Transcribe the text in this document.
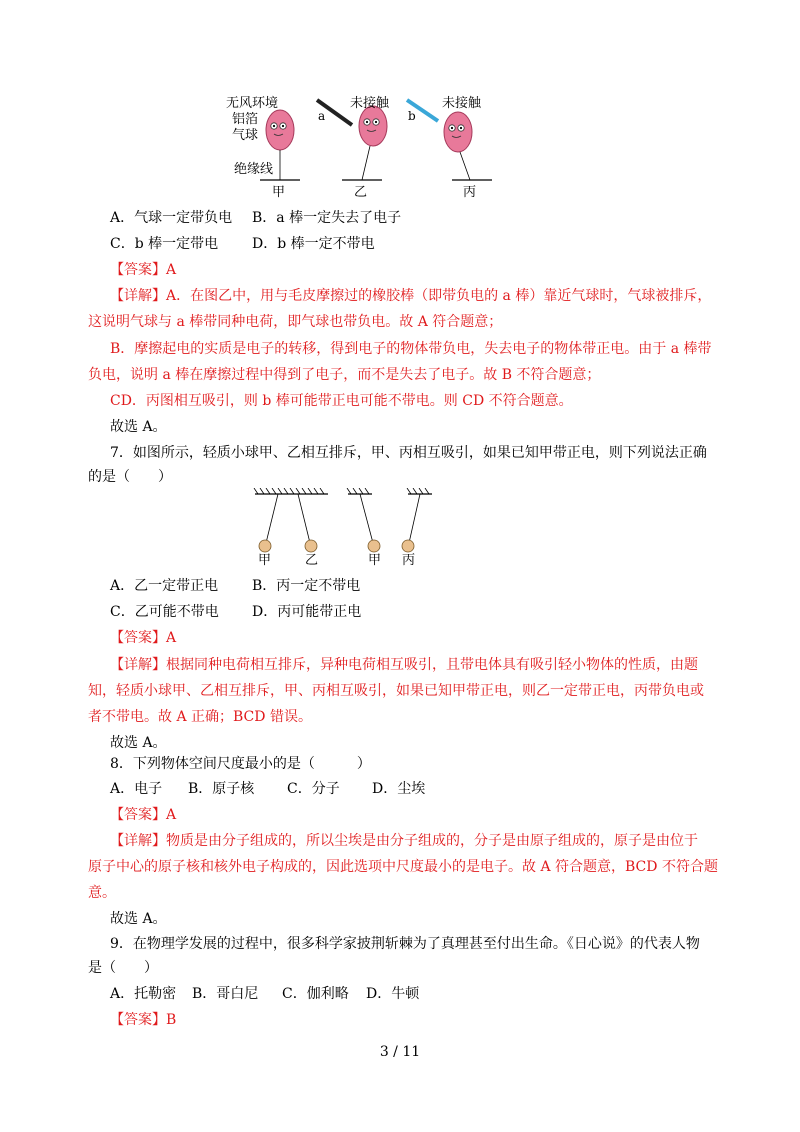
无风环境
铝箔
气球
绝缘线
a
未接触
b
未接触
甲	乙	丙
A．气球一定带负电 B．a 棒一定失去了电子
C．b 棒一定带电 D．b 棒一定不带电
【答案】A
【详解】A．在图乙中，用与毛皮摩擦过的橡胶棒（即带负电的 a 棒）靠近气球时，气球被排斥，
这说明气球与 a 棒带同种电荷，即气球也带负电。故 A 符合题意；
B．摩擦起电的实质是电子的转移，得到电子的物体带负电，失去电子的物体带正电。由于 a 棒带
负电，说明 a 棒在摩擦过程中得到了电子，而不是失去了电子。故 B 不符合题意；
CD．丙图相互吸引，则 b 棒可能带正电可能不带电。则 CD 不符合题意。
故选 A。
7．如图所示，轻质小球甲、乙相互排斥，甲、丙相互吸引，如果已知甲带正电，则下列说法正确
的是（　　）
甲	乙	甲 丙
A．乙一定带正电 B．丙一定不带电
C．乙可能不带电 D．丙可能带正电
【答案】A
【详解】根据同种电荷相互排斥，异种电荷相互吸引，且带电体具有吸引轻小物体的性质，由题
知，轻质小球甲、乙相互排斥，甲、丙相互吸引，如果已知甲带正电，则乙一定带正电，丙带负电或
者不带电。故 A 正确；BCD 错误。
故选 A。
8．下列物体空间尺度最小的是（　　　）
A．电子 B．原子核 C．分子 D．尘埃
【答案】A
【详解】物质是由分子组成的，所以尘埃是由分子组成的，分子是由原子组成的，原子是由位于
原子中心的原子核和核外电子构成的，因此选项中尺度最小的是电子。故 A 符合题意，BCD 不符合题
意。
故选 A。
9．在物理学发展的过程中，很多科学家披荆斩棘为了真理甚至付出生命。《日心说》的代表人物
是（　　）
A．托勒密 B．哥白尼 C．伽利略 D．牛顿
【答案】B
3 / 11
